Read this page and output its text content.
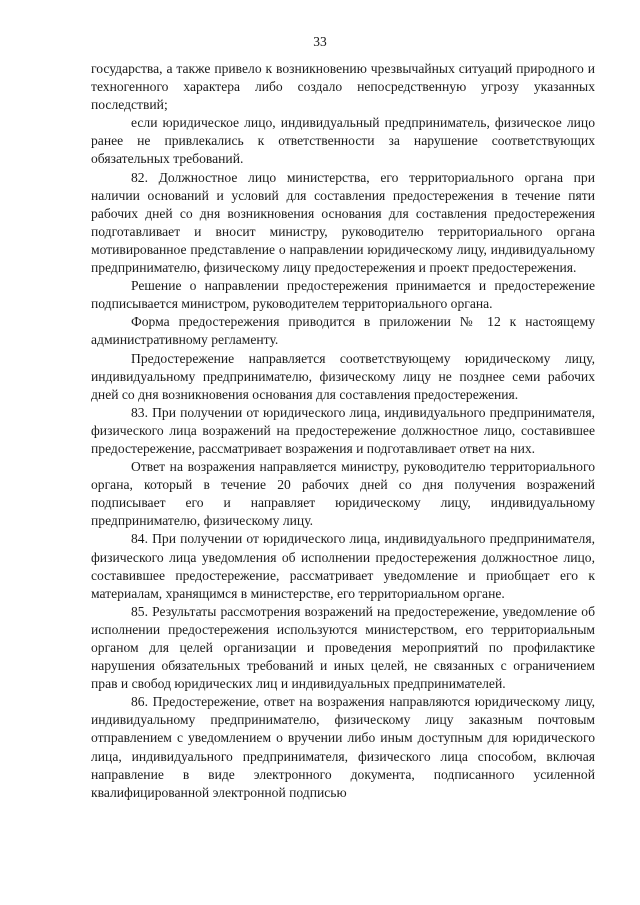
33

государства, а также привело к возникновению чрезвычайных ситуаций природного и техногенного характера либо создало непосредственную угрозу указанных последствий;

если юридическое лицо, индивидуальный предприниматель, физическое лицо ранее не привлекались к ответственности за нарушение соответствующих обязательных требований.

82. Должностное лицо министерства, его территориального органа при наличии оснований и условий для составления предостережения в течение пяти рабочих дней со дня возникновения основания для составления предостережения подготавливает и вносит министру, руководителю территориального органа мотивированное представление о направлении юридическому лицу, индивидуальному предпринимателю, физическому лицу предостережения и проект предостережения.

Решение о направлении предостережения принимается и предостережение подписывается министром, руководителем территориального органа.

Форма предостережения приводится в приложении № 12 к настоящему административному регламенту.

Предостережение направляется соответствующему юридическому лицу, индивидуальному предпринимателю, физическому лицу не позднее семи рабочих дней со дня возникновения основания для составления предостережения.

83. При получении от юридического лица, индивидуального предпринимателя, физического лица возражений на предостережение должностное лицо, составившее предостережение, рассматривает возражения и подготавливает ответ на них.

Ответ на возражения направляется министру, руководителю территориального органа, который в течение 20 рабочих дней со дня получения возражений подписывает его и направляет юридическому лицу, индивидуальному предпринимателю, физическому лицу.

84. При получении от юридического лица, индивидуального предпринимателя, физического лица уведомления об исполнении предостережения должностное лицо, составившее предостережение, рассматривает уведомление и приобщает его к материалам, хранящимся в министерстве, его территориальном органе.

85. Результаты рассмотрения возражений на предостережение, уведомление об исполнении предостережения используются министерством, его территориальным органом для целей организации и проведения мероприятий по профилактике нарушения обязательных требований и иных целей, не связанных с ограничением прав и свобод юридических лиц и индивидуальных предпринимателей.

86. Предостережение, ответ на возражения направляются юридическому лицу, индивидуальному предпринимателю, физическому лицу заказным почтовым отправлением с уведомлением о вручении либо иным доступным для юридического лица, индивидуального предпринимателя, физического лица способом, включая направление в виде электронного документа, подписанного усиленной квалифицированной электронной подписью
